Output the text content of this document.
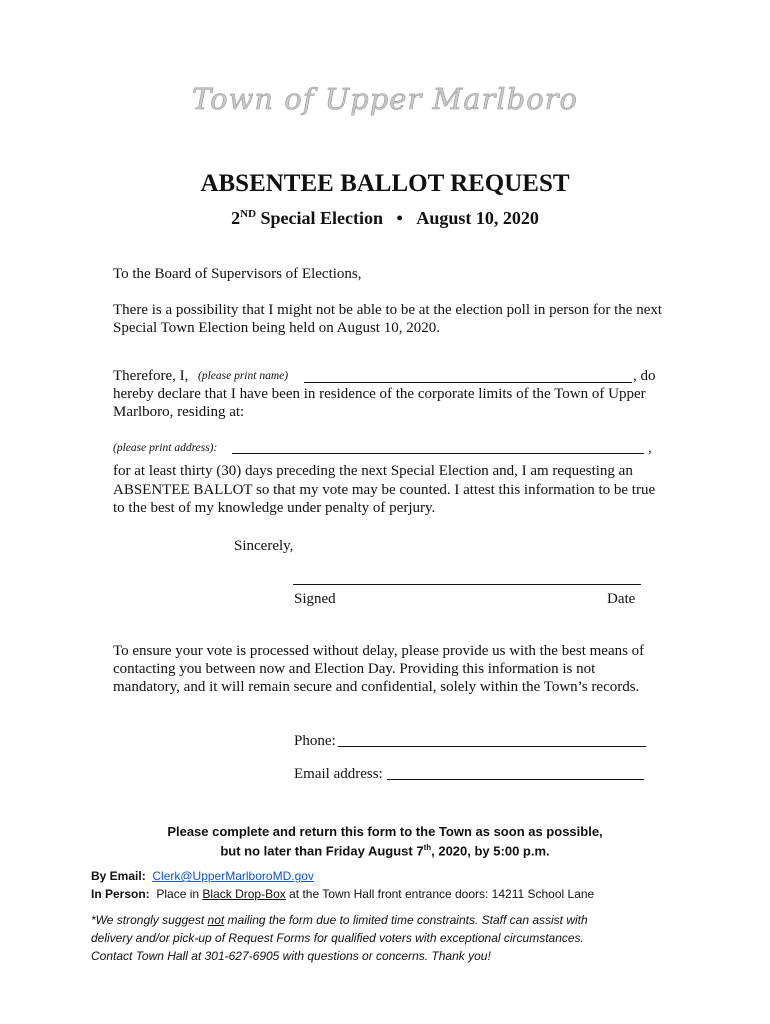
Town of Upper Marlboro
ABSENTEE BALLOT REQUEST
2ND Special Election • August 10, 2020
To the Board of Supervisors of Elections,
There is a possibility that I might not be able to be at the election poll in person for the next
Special Town Election being held on August 10, 2020.
Therefore, I, (please print name)	, do
hereby declare that I have been in residence of the corporate limits of the Town of Upper
Marlboro, residing at:
(please print address):	,
for at least thirty (30) days preceding the next Special Election and, I am requesting an
ABSENTEE BALLOT so that my vote may be counted. I attest this information to be true
to the best of my knowledge under penalty of perjury.
Sincerely,
Signed	Date
To ensure your vote is processed without delay, please provide us with the best means of
contacting you between now and Election Day. Providing this information is not
mandatory, and it will remain secure and confidential, solely within the Town’s records.
Phone:
Email address:
Please complete and return this form to the Town as soon as possible,
but no later than Friday August 7th, 2020, by 5:00 p.m.
By Email: Clerk@UpperMarlboroMD.gov
In Person: Place in Black Drop-Box at the Town Hall front entrance doors: 14211 School Lane
*We strongly suggest not mailing the form due to limited time constraints. Staff can assist with
delivery and/or pick-up of Request Forms for qualified voters with exceptional circumstances.
Contact Town Hall at 301-627-6905 with questions or concerns. Thank you!
